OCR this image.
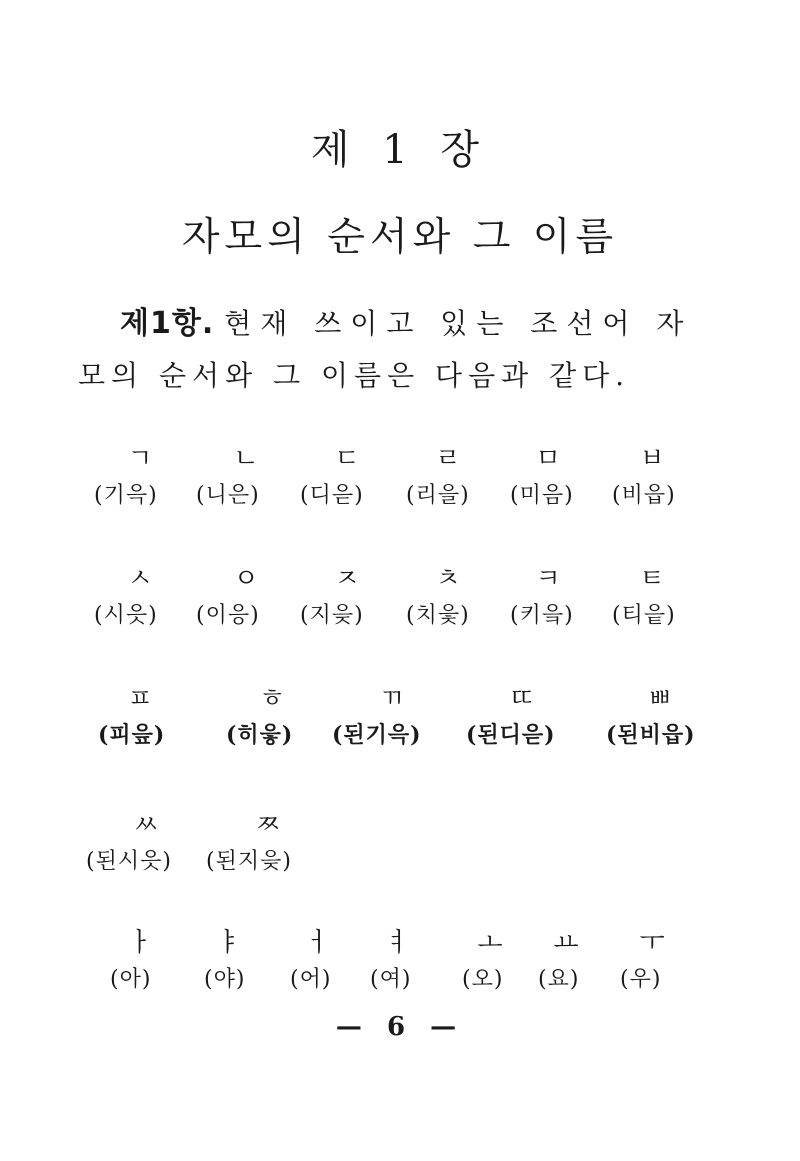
제 1 장
자모의 순서와 그 이름
제1항. 현재 쓰이고 있는 조선어 자
모의 순서와 그 이름은 다음과 같다.
ㄱ	ㄴ	ㄷ	ㄹ	ㅁ	ㅂ
(기윽) (니은) (디읃) (리을) (미음) (비읍)
ㅅ	ㅇ	ㅈ	ㅊ	ㅋ	ㅌ
(시읏) (이응) (지읒) (치읓) (키읔) (티읕)
ㅍ	ㅎ	ㄲ	ㄸ	ㅃ
(피읖)	(히읗) (된기윽) (된디읃) (된비읍)
ㅆ	ㅉ
(된시읏) (된지읒)
ㅏ	ㅑ	ㅓ	ㅕ	ㅗ	ㅛ	ㅜ
(아) (야) (어) (여) (오) (요) (우)
— 6 —
